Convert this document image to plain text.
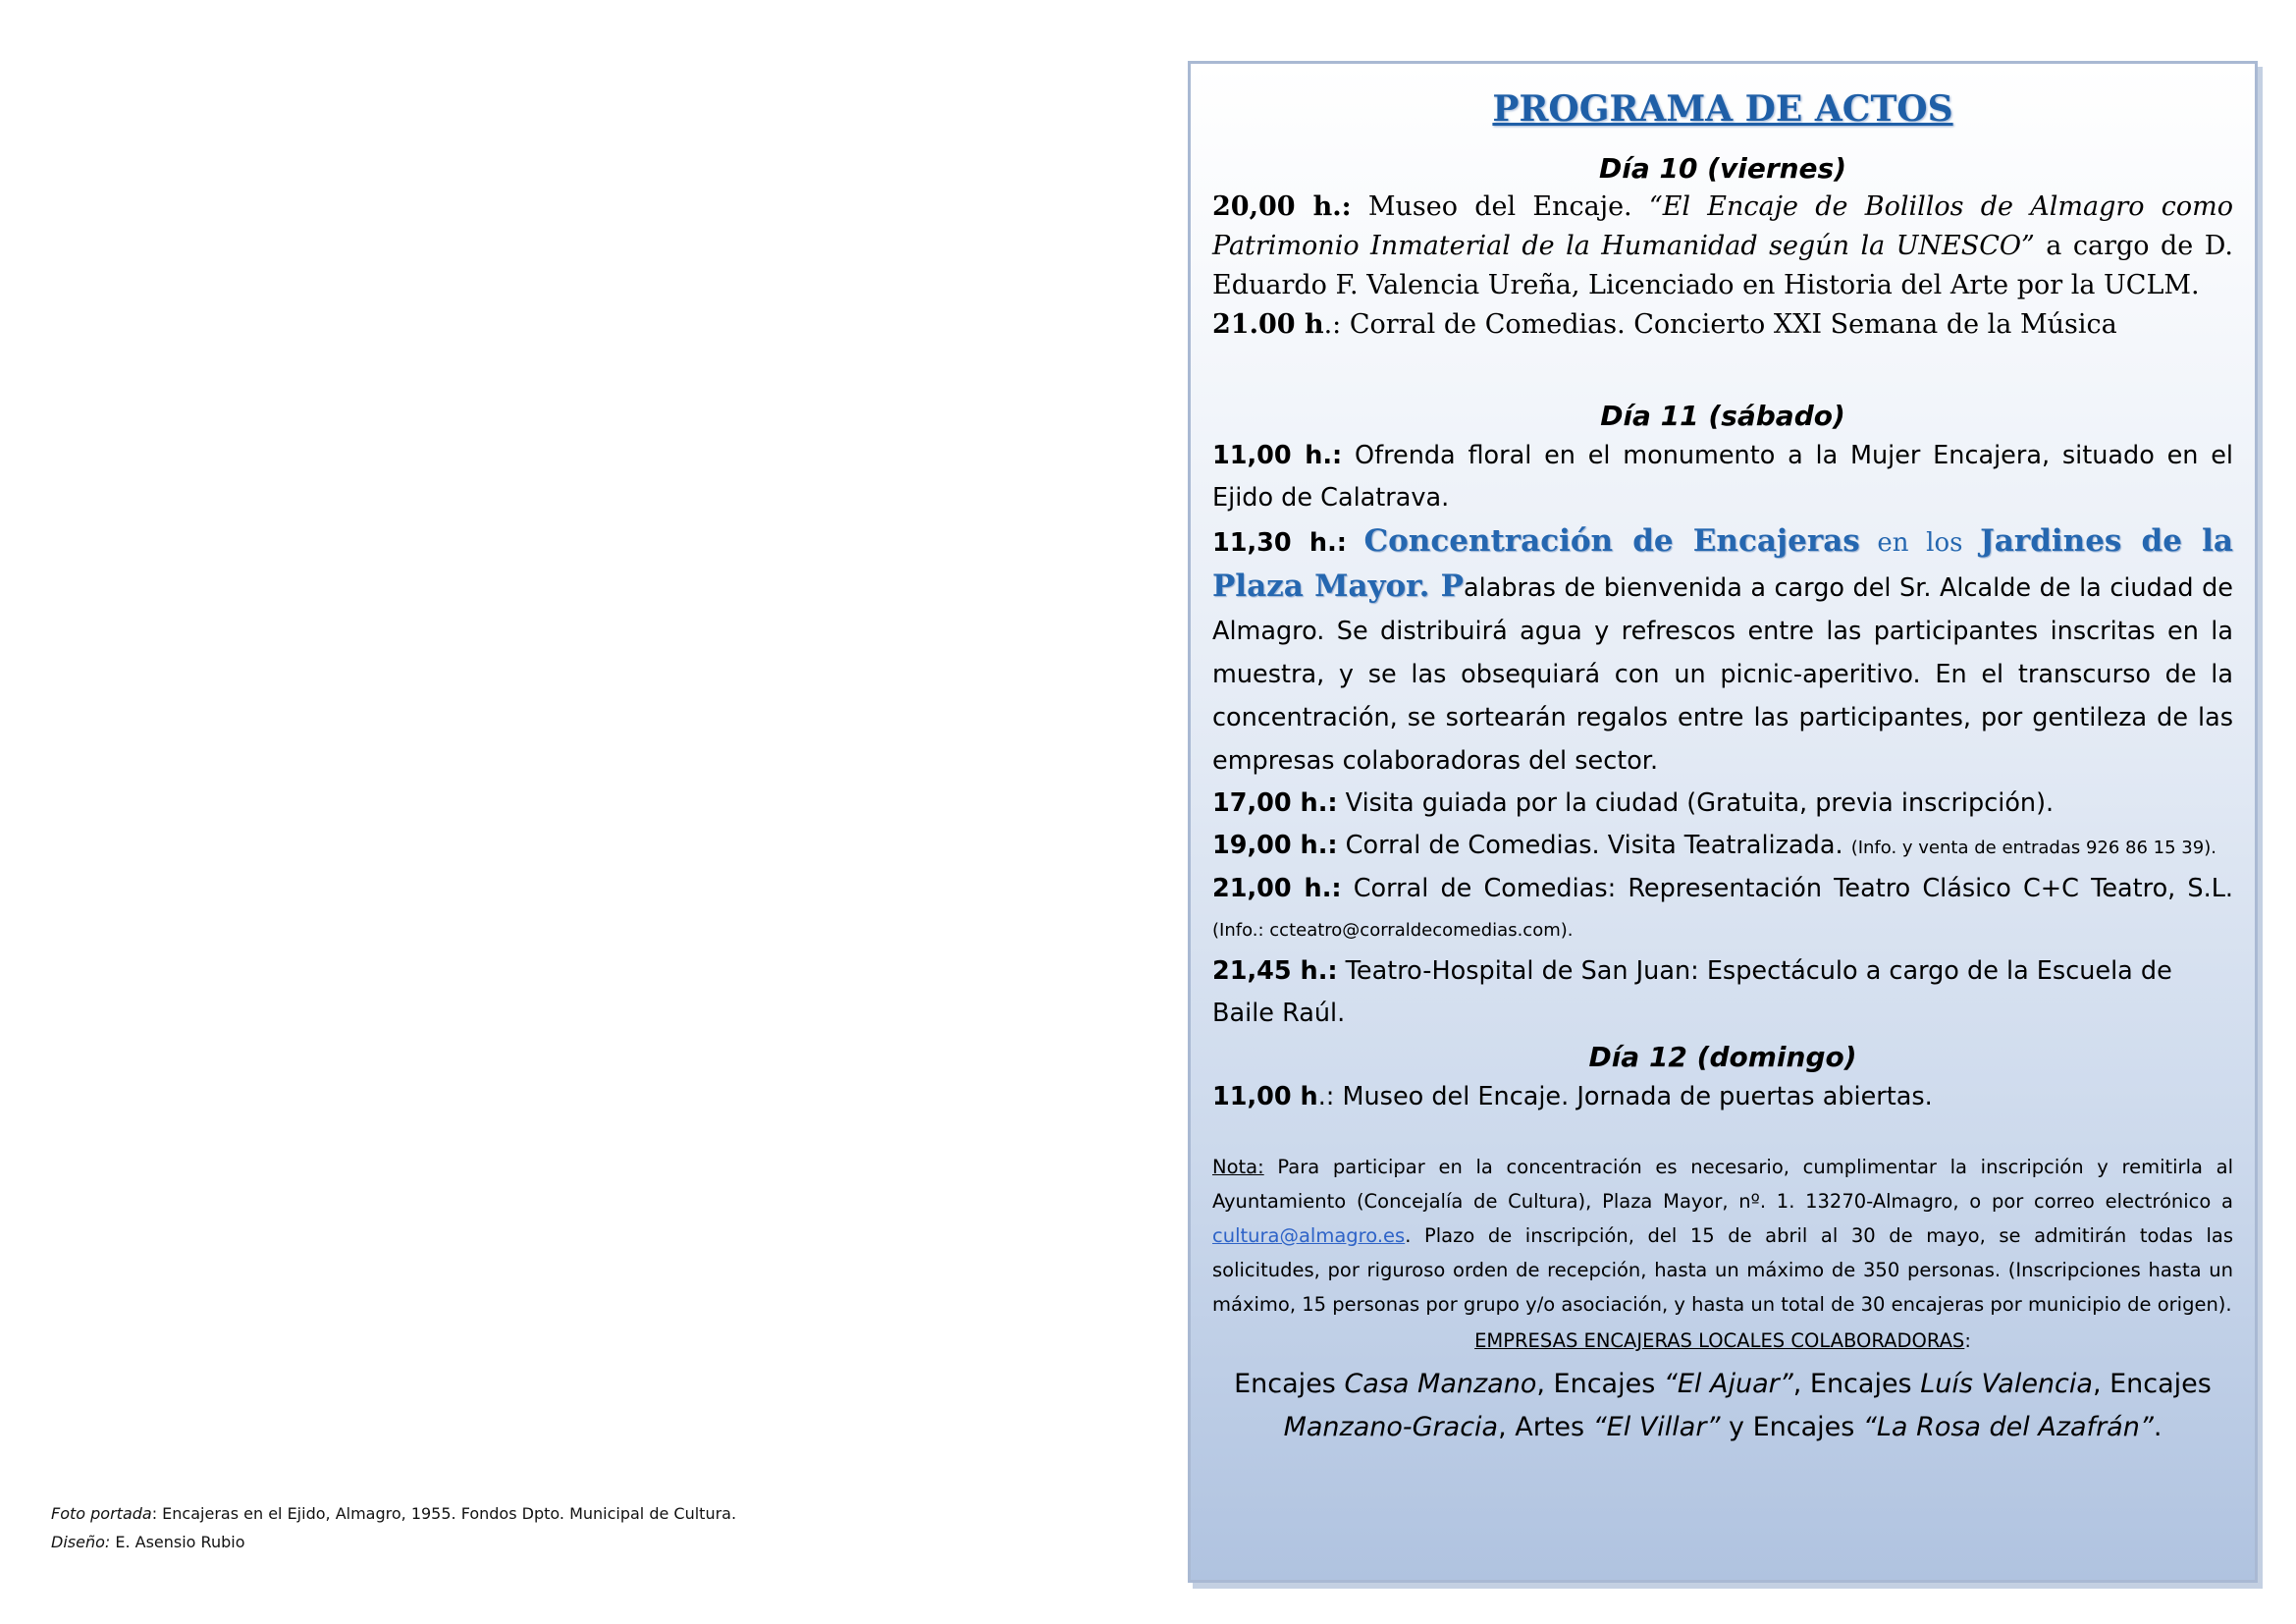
Foto portada: Encajeras en el Ejido, Almagro, 1955. Fondos Dpto. Municipal de Cultura.
Diseño: E. Asensio Rubio
PROGRAMA DE ACTOS
Día 10 (viernes)
20,00 h.: Museo del Encaje. “El Encaje de Bolillos de Almagro como Patrimonio Inmaterial de la Humanidad según la UNESCO” a cargo de D. Eduardo F. Valencia Ureña, Licenciado en Historia del Arte por la UCLM.
21.00 h.: Corral de Comedias. Concierto XXI Semana de la Música
Día 11 (sábado)
11,00 h.: Ofrenda floral en el monumento a la Mujer Encajera, situado en el Ejido de Calatrava.
11,30 h.: Concentración de Encajeras en los Jardines de la Plaza Mayor. Palabras de bienvenida a cargo del Sr. Alcalde de la ciudad de Almagro. Se distribuirá agua y refrescos entre las participantes inscritas en la muestra, y se las obsequiará con un picnic-aperitivo. En el transcurso de la concentración, se sortearán regalos entre las participantes, por gentileza de las empresas colaboradoras del sector.
17,00 h.: Visita guiada por la ciudad (Gratuita, previa inscripción).
19,00 h.: Corral de Comedias. Visita Teatralizada. (Info. y venta de entradas 926 86 15 39).
21,00 h.: Corral de Comedias: Representación Teatro Clásico C+C Teatro, S.L. (Info.: ccteatro@corraldecomedias.com).
21,45 h.: Teatro-Hospital de San Juan: Espectáculo a cargo de la Escuela de Baile Raúl.
Día 12 (domingo)
11,00 h.: Museo del Encaje. Jornada de puertas abiertas.
Nota: Para participar en la concentración es necesario, cumplimentar la inscripción y remitirla al Ayuntamiento (Concejalía de Cultura), Plaza Mayor, nº. 1. 13270-Almagro, o por correo electrónico a cultura@almagro.es. Plazo de inscripción, del 15 de abril al 30 de mayo, se admitirán todas las solicitudes, por riguroso orden de recepción, hasta un máximo de 350 personas. (Inscripciones hasta un máximo, 15 personas por grupo y/o asociación, y hasta un total de 30 encajeras por municipio de origen).
EMPRESAS ENCAJERAS LOCALES COLABORADORAS:
Encajes Casa Manzano, Encajes “El Ajuar”, Encajes Luís Valencia, Encajes Manzano-Gracia, Artes “El Villar” y Encajes “La Rosa del Azafrán”.
